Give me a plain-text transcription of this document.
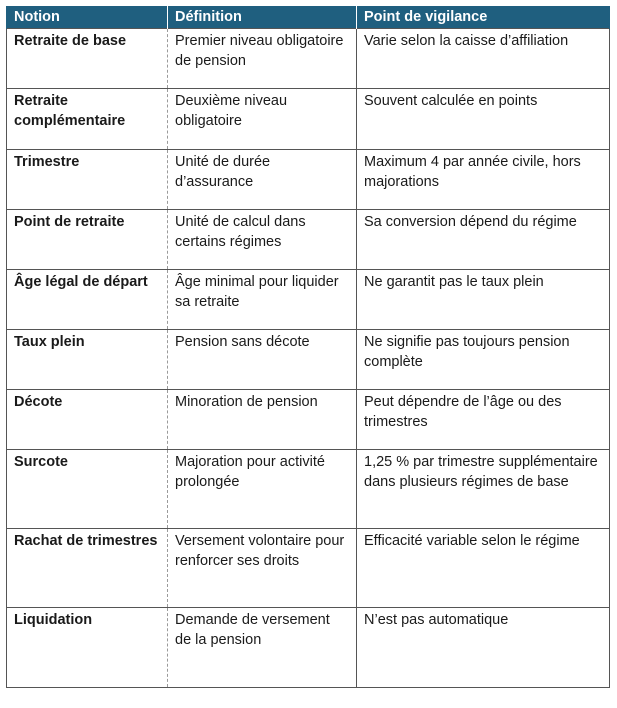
Notion	Définition	Point de vigilance
Retraite de base	Premier niveau obligatoire de pension	Varie selon la caisse d’affiliation
Retraite complémentaire	Deuxième niveau obligatoire	Souvent calculée en points
Trimestre	Unité de durée d’assurance	Maximum 4 par année civile, hors majorations
Point de retraite	Unité de calcul dans certains régimes	Sa conversion dépend du régime
Âge légal de départ	Âge minimal pour liquider sa retraite	Ne garantit pas le taux plein
Taux plein	Pension sans décote	Ne signifie pas toujours pension complète
Décote	Minoration de pension	Peut dépendre de l’âge ou des trimestres
Surcote	Majoration pour activité prolongée	1,25 % par trimestre supplémentaire dans plusieurs régimes de base
Rachat de trimestres	Versement volontaire pour renforcer ses droits	Efficacité variable selon le régime
Liquidation	Demande de versement de la pension	N’est pas automatique
